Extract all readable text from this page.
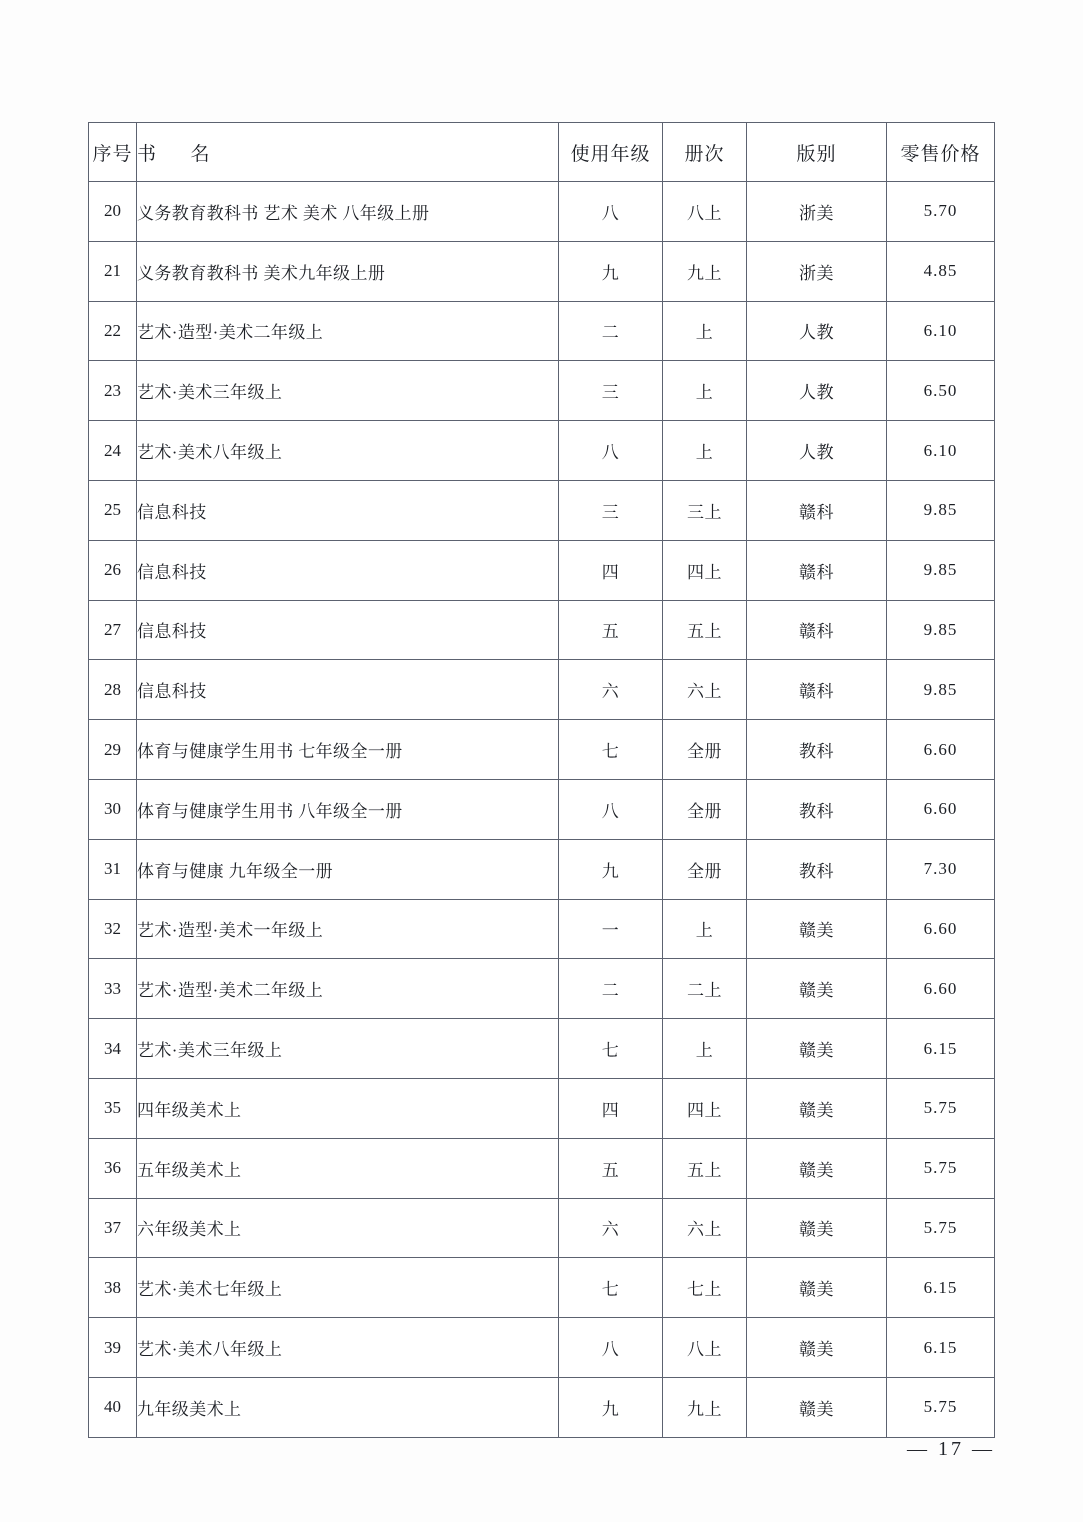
序号	书 名	使用年级	册次	版别	零售价格
20	义务教育教科书 艺术 美术 八年级上册	八	八上	浙美	5.70
21	义务教育教科书 美术九年级上册	九	九上	浙美	4.85
22	艺术·造型·美术二年级上	二	上	人教	6.10
23	艺术·美术三年级上	三	上	人教	6.50
24	艺术·美术八年级上	八	上	人教	6.10
25	信息科技	三	三上	赣科	9.85
26	信息科技	四	四上	赣科	9.85
27	信息科技	五	五上	赣科	9.85
28	信息科技	六	六上	赣科	9.85
29	体育与健康学生用书 七年级全一册	七	全册	教科	6.60
30	体育与健康学生用书 八年级全一册	八	全册	教科	6.60
31	体育与健康 九年级全一册	九	全册	教科	7.30
32	艺术·造型·美术一年级上	一	上	赣美	6.60
33	艺术·造型·美术二年级上	二	二上	赣美	6.60
34	艺术·美术三年级上	七	上	赣美	6.15
35	四年级美术上	四	四上	赣美	5.75
36	五年级美术上	五	五上	赣美	5.75
37	六年级美术上	六	六上	赣美	5.75
38	艺术·美术七年级上	七	七上	赣美	6.15
39	艺术·美术八年级上	八	八上	赣美	6.15
40	九年级美术上	九	九上	赣美	5.75
— 17 —
